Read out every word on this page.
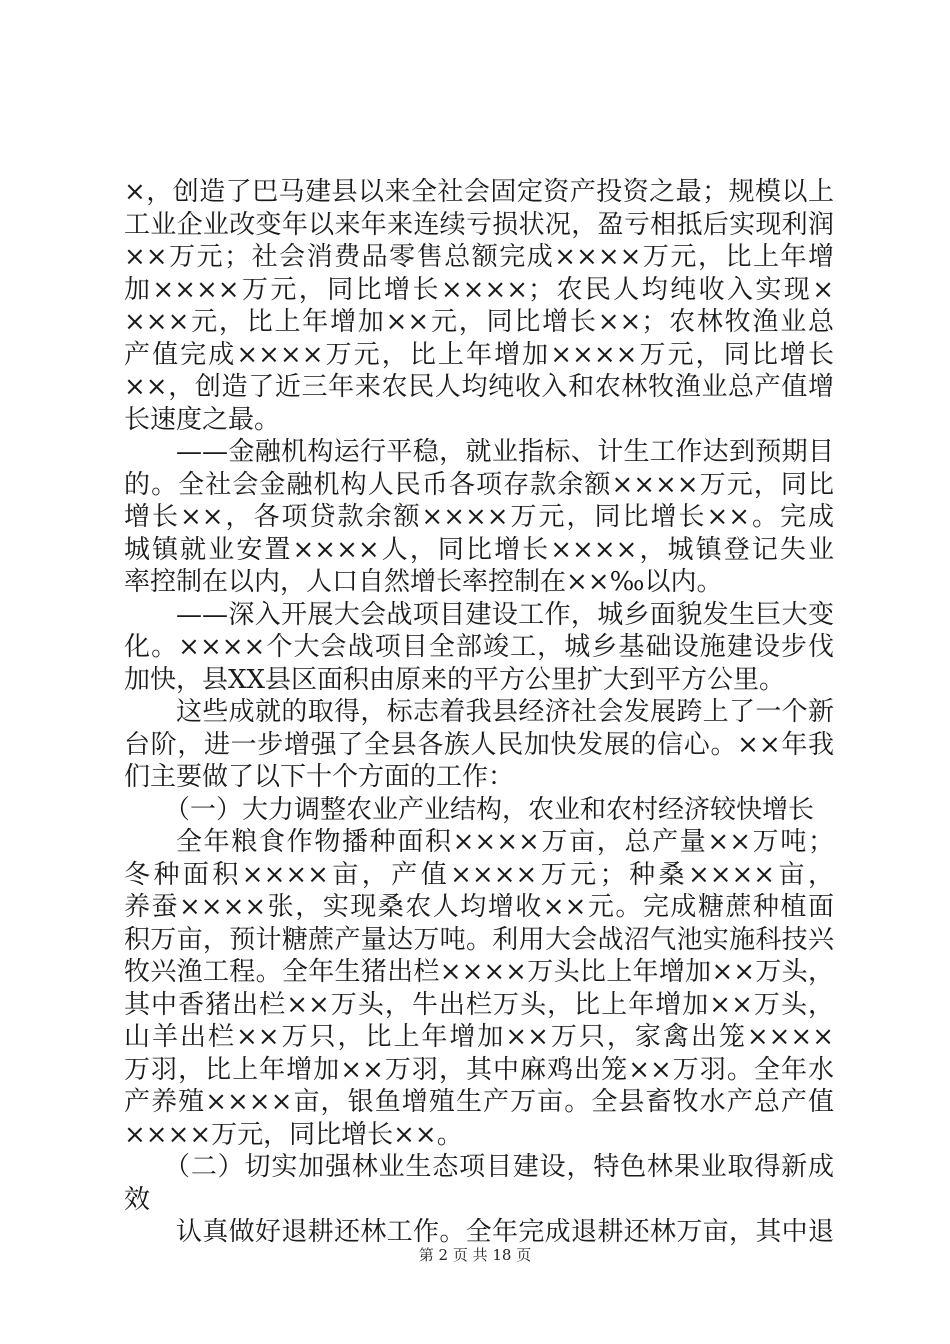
×，创造了巴马建县以来全社会固定资产投资之最；规模以上
工业企业改变年以来年来连续亏损状况，盈亏相抵后实现利润
××万元；社会消费品零售总额完成××××万元，比上年增
加××××万元，同比增长××××；农民人均纯收入实现×
×××元，比上年增加××元，同比增长××；农林牧渔业总
产值完成××××万元，比上年增加××××万元，同比增长
××，创造了近三年来农民人均纯收入和农林牧渔业总产值增
长速度之最。
——金融机构运行平稳，就业指标、计生工作达到预期目
的。全社会金融机构人民币各项存款余额××××万元，同比
增长××，各项贷款余额××××万元，同比增长××。完成
城镇就业安置××××人，同比增长××××，城镇登记失业
率控制在以内，人口自然增长率控制在××‰以内。
——深入开展大会战项目建设工作，城乡面貌发生巨大变
化。××××个大会战项目全部竣工，城乡基础设施建设步伐
加快，县XX县区面积由原来的平方公里扩大到平方公里。
这些成就的取得，标志着我县经济社会发展跨上了一个新
台阶，进一步增强了全县各族人民加快发展的信心。××年我
们主要做了以下十个方面的工作：
（一）大力调整农业产业结构，农业和农村经济较快增长
全年粮食作物播种面积××××万亩，总产量××万吨；
冬种面积××××亩，产值××××万元；种桑××××亩，
养蚕××××张，实现桑农人均增收××元。完成糖蔗种植面
积万亩，预计糖蔗产量达万吨。利用大会战沼气池实施科技兴
牧兴渔工程。全年生猪出栏××××万头比上年增加××万头，
其中香猪出栏××万头，牛出栏万头，比上年增加××万头，
山羊出栏××万只，比上年增加××万只，家禽出笼××××
万羽，比上年增加××万羽，其中麻鸡出笼××万羽。全年水
产养殖××××亩，银鱼增殖生产万亩。全县畜牧水产总产值
××××万元，同比增长××。
（二）切实加强林业生态项目建设，特色林果业取得新成
效
认真做好退耕还林工作。全年完成退耕还林万亩，其中退
第 2 页 共 18 页
